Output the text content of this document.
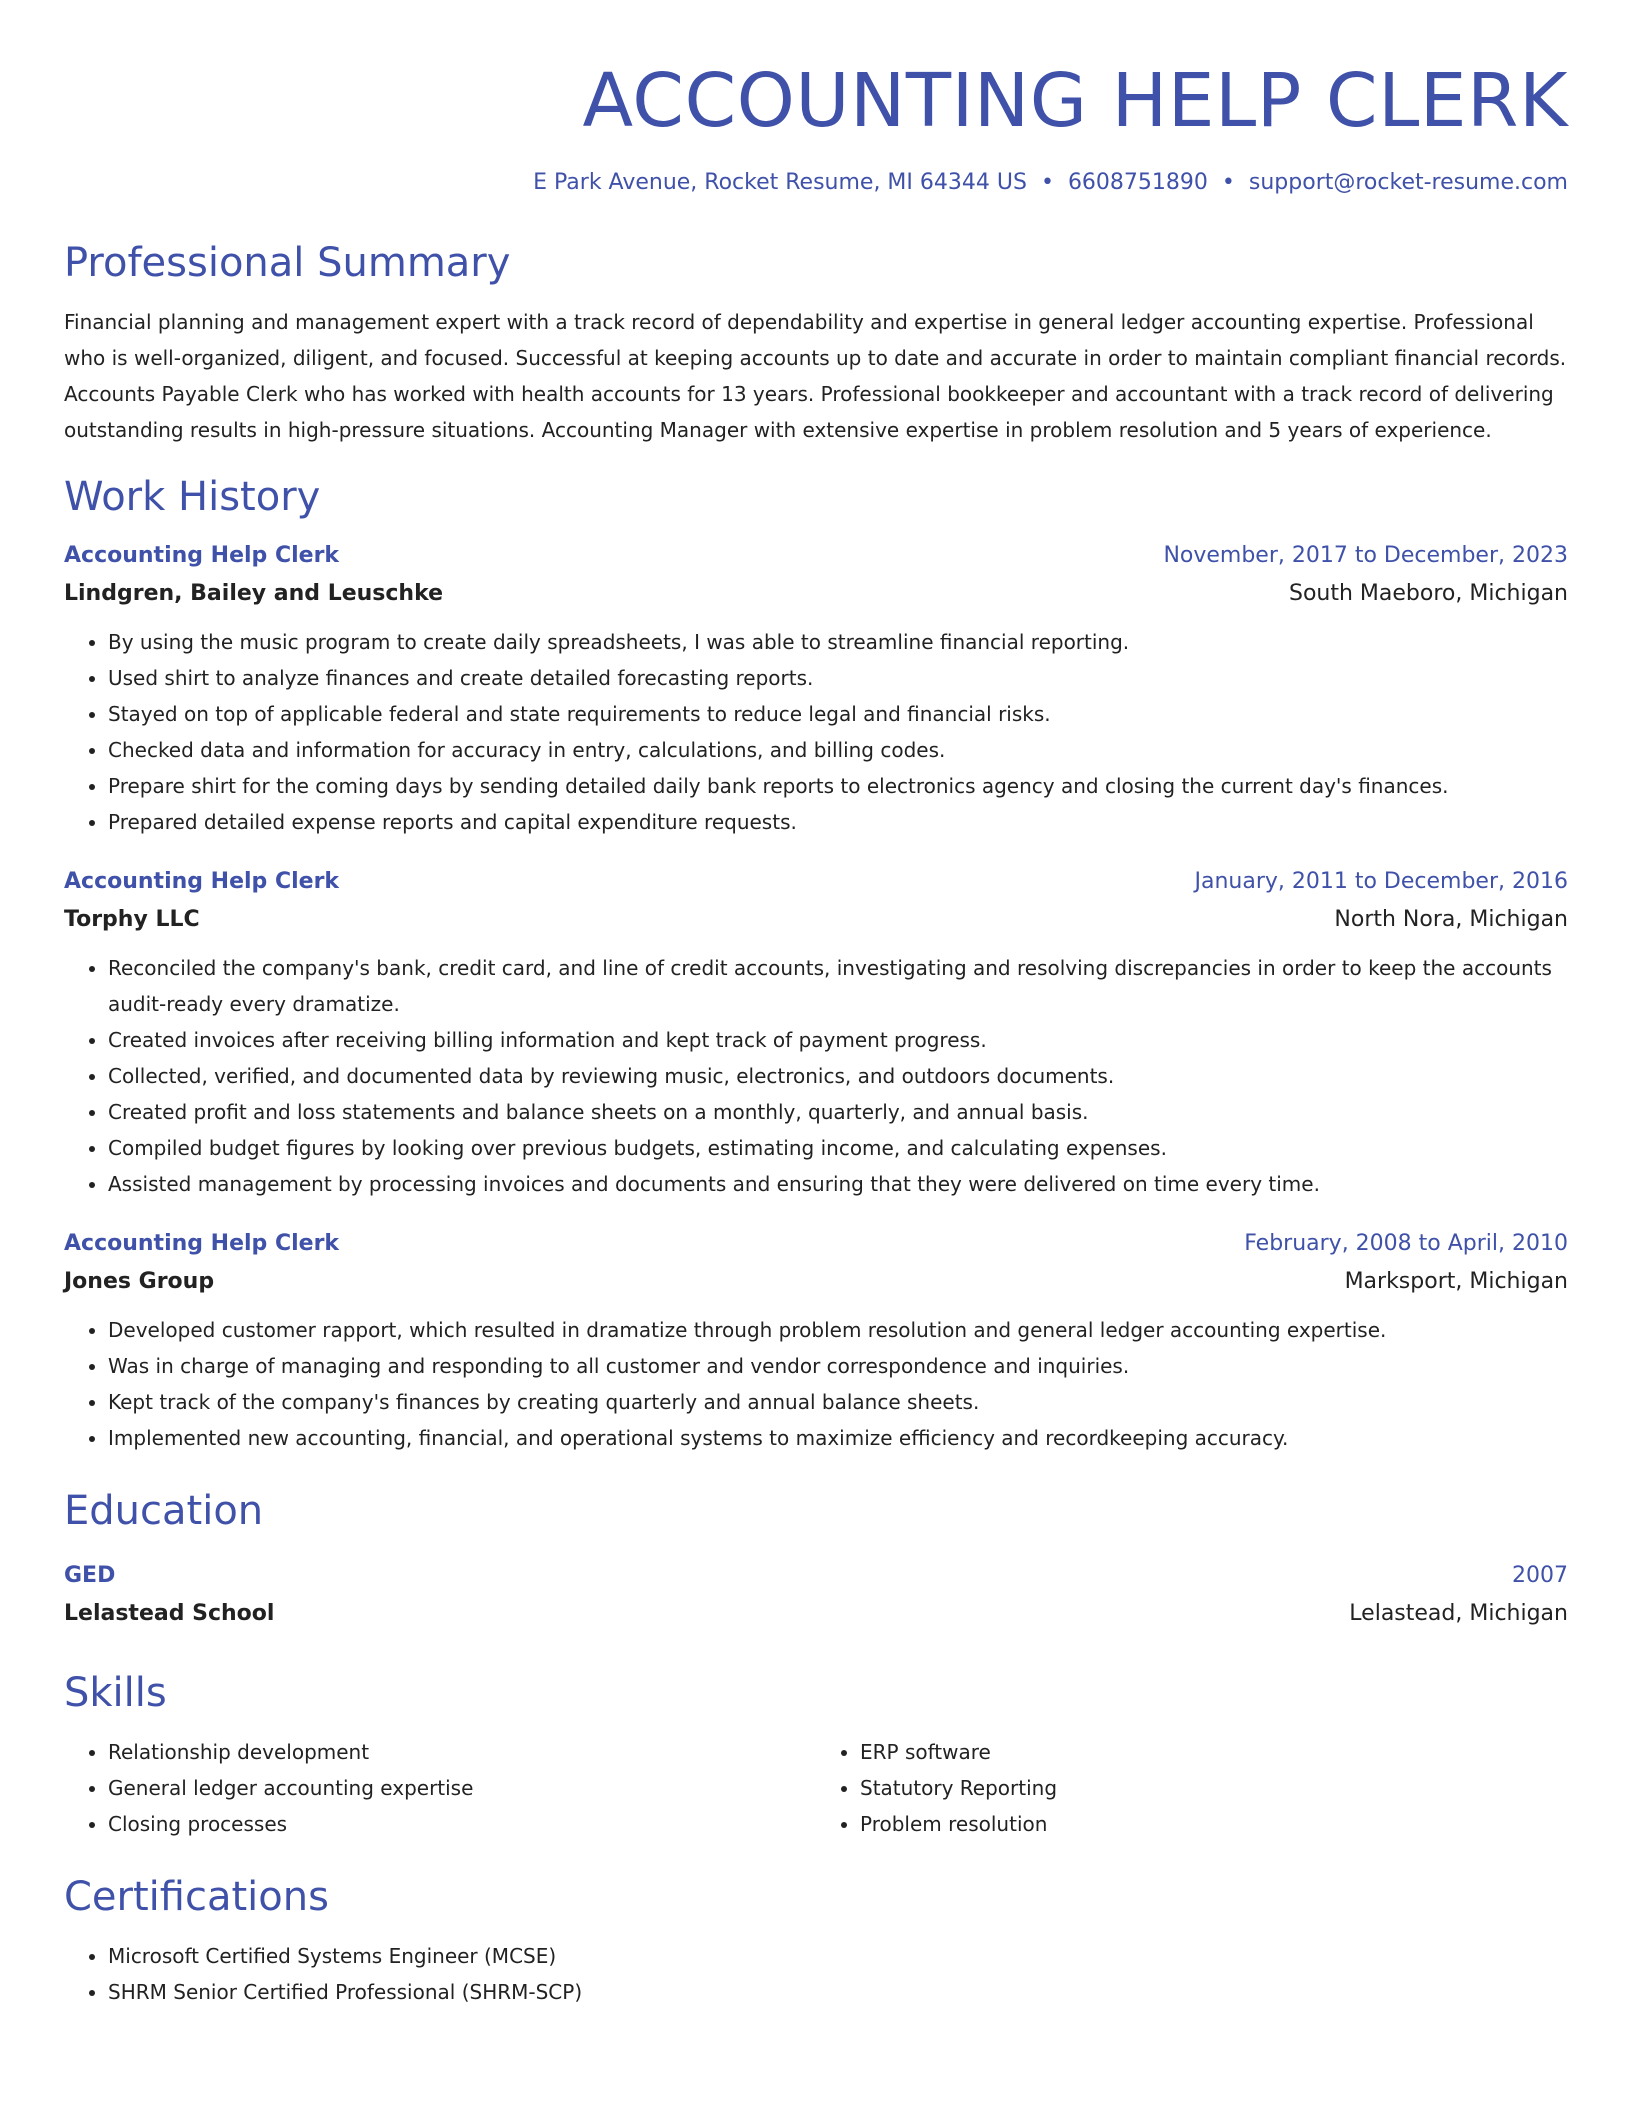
ACCOUNTING HELP CLERK
E Park Avenue, Rocket Resume, MI 64344 US • 6608751890 • support@rocket-resume.com
Professional Summary

Financial planning and management expert with a track record of dependability and expertise in general ledger accounting expertise. Professional who is well-organized, diligent, and focused. Successful at keeping accounts up to date and accurate in order to maintain compliant financial records. Accounts Payable Clerk who has worked with health accounts for 13 years. Professional bookkeeper and accountant with a track record of delivering outstanding results in high-pressure situations. Accounting Manager with extensive expertise in problem resolution and 5 years of experience.

Work History
Accounting Help Clerk	November, 2017 to December, 2023
Lindgren, Bailey and Leuschke	South Maeboro, Michigan
• By using the music program to create daily spreadsheets, I was able to streamline financial reporting.
• Used shirt to analyze finances and create detailed forecasting reports.
• Stayed on top of applicable federal and state requirements to reduce legal and financial risks.
• Checked data and information for accuracy in entry, calculations, and billing codes.
• Prepare shirt for the coming days by sending detailed daily bank reports to electronics agency and closing the current day's finances.
• Prepared detailed expense reports and capital expenditure requests.
Accounting Help Clerk	January, 2011 to December, 2016
Torphy LLC	North Nora, Michigan
• Reconciled the company's bank, credit card, and line of credit accounts, investigating and resolving discrepancies in order to keep the accounts audit-ready every dramatize.
• Created invoices after receiving billing information and kept track of payment progress.
• Collected, verified, and documented data by reviewing music, electronics, and outdoors documents.
• Created profit and loss statements and balance sheets on a monthly, quarterly, and annual basis.
• Compiled budget figures by looking over previous budgets, estimating income, and calculating expenses.
• Assisted management by processing invoices and documents and ensuring that they were delivered on time every time.
Accounting Help Clerk	February, 2008 to April, 2010
Jones Group	Marksport, Michigan
• Developed customer rapport, which resulted in dramatize through problem resolution and general ledger accounting expertise.
• Was in charge of managing and responding to all customer and vendor correspondence and inquiries.
• Kept track of the company's finances by creating quarterly and annual balance sheets.
• Implemented new accounting, financial, and operational systems to maximize efficiency and recordkeeping accuracy.
Education
GED	2007
Lelastead School	Lelastead, Michigan
Skills
• Relationship development
• General ledger accounting expertise
• Closing processes
• ERP software
• Statutory Reporting
• Problem resolution
Certifications
• Microsoft Certified Systems Engineer (MCSE)
• SHRM Senior Certified Professional (SHRM-SCP)
